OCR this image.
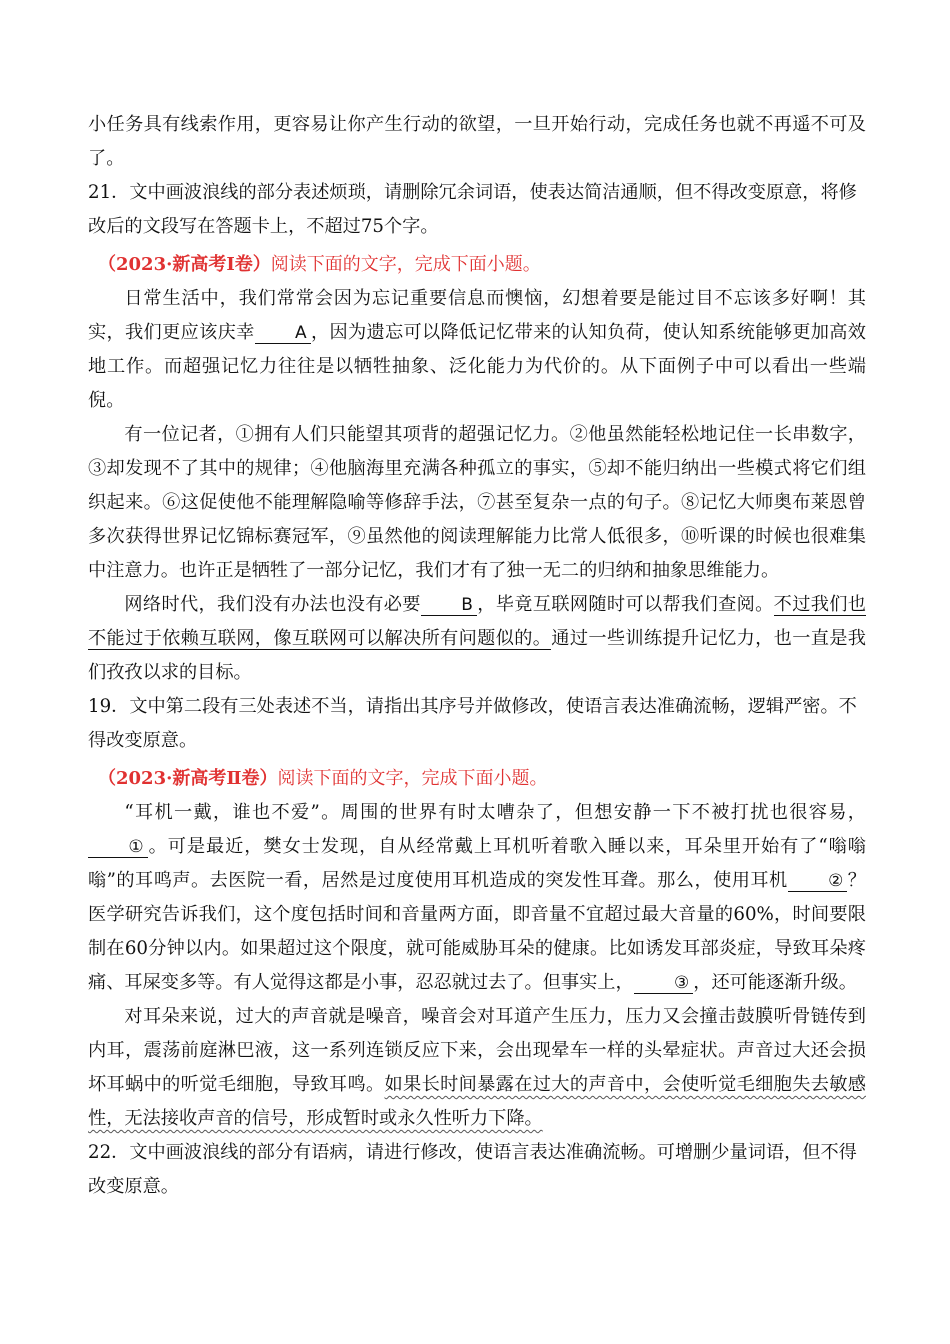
小任务具有线索作用，更容易让你产生行动的欲望，一旦开始行动，完成任务也就不再遥不可及了。

21．文中画波浪线的部分表述烦琐，请删除冗余词语，使表达简洁通顺，但不得改变原意，将修改后的文段写在答题卡上，不超过75个字。

（2023·新高考Ⅰ卷）阅读下面的文字，完成下面小题。

日常生活中，我们常常会因为忘记重要信息而懊恼，幻想着要是能过目不忘该多好啊！其实，我们更应该庆幸 A ，因为遗忘可以降低记忆带来的认知负荷，使认知系统能够更加高效地工作。而超强记忆力往往是以牺牲抽象、泛化能力为代价的。从下面例子中可以看出一些端倪。

有一位记者，①拥有人们只能望其项背的超强记忆力。②他虽然能轻松地记住一长串数字，③却发现不了其中的规律；④他脑海里充满各种孤立的事实，⑤却不能归纳出一些模式将它们组织起来。⑥这促使他不能理解隐喻等修辞手法，⑦甚至复杂一点的句子。⑧记忆大师奥布莱恩曾多次获得世界记忆锦标赛冠军，⑨虽然他的阅读理解能力比常人低很多，⑩听课的时候也很难集中注意力。也许正是牺牲了一部分记忆，我们才有了独一无二的归纳和抽象思维能力。

网络时代，我们没有办法也没有必要 B ，毕竟互联网随时可以帮我们查阅。不过我们也不能过于依赖互联网，像互联网可以解决所有问题似的。通过一些训练提升记忆力，也一直是我们孜孜以求的目标。

19．文中第二段有三处表述不当，请指出其序号并做修改，使语言表达准确流畅，逻辑严密。不得改变原意。

（2023·新高考Ⅱ卷）阅读下面的文字，完成下面小题。

“耳机一戴，谁也不爱”。周围的世界有时太嘈杂了，但想安静一下不被打扰也很容易，① 。可是最近，樊女士发现，自从经常戴上耳机听着歌入睡以来，耳朵里开始有了“嗡嗡嗡”的耳鸣声。去医院一看，居然是过度使用耳机造成的突发性耳聋。那么，使用耳机 ② ？医学研究告诉我们，这个度包括时间和音量两方面，即音量不宜超过最大音量的60%，时间要限制在60分钟以内。如果超过这个限度，就可能威胁耳朵的健康。比如诱发耳部炎症，导致耳朵疼痛、耳屎变多等。有人觉得这都是小事，忍忍就过去了。但事实上， ③ ，还可能逐渐升级。

对耳朵来说，过大的声音就是噪音，噪音会对耳道产生压力，压力又会撞击鼓膜听骨链传到内耳，震荡前庭淋巴液，这一系列连锁反应下来，会出现晕车一样的头晕症状。声音过大还会损坏耳蜗中的听觉毛细胞，导致耳鸣。如果长时间暴露在过大的声音中，会使听觉毛细胞失去敏感性，无法接收声音的信号，形成暂时或永久性听力下降。

22．文中画波浪线的部分有语病，请进行修改，使语言表达准确流畅。可增删少量词语，但不得改变原意。
